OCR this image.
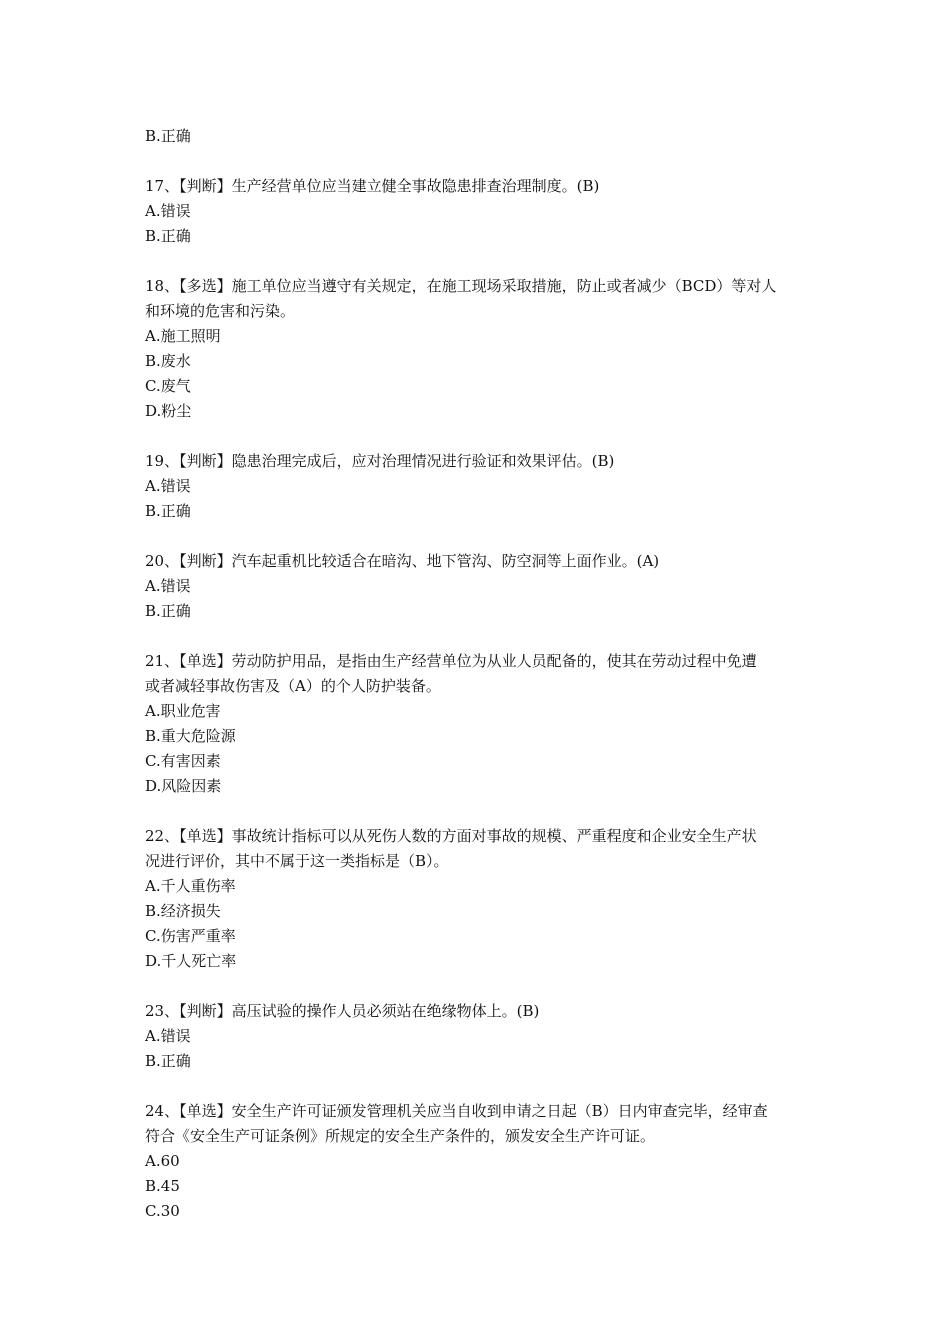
B.正确
17、【判断】生产经营单位应当建立健全事故隐患排查治理制度。(B)
A.错误
B.正确
18、【多选】施工单位应当遵守有关规定，在施工现场采取措施，防止或者减少（BCD）等对人
和环境的危害和污染。
A.施工照明
B.废水
C.废气
D.粉尘
19、【判断】隐患治理完成后，应对治理情况进行验证和效果评估。(B)
A.错误
B.正确
20、【判断】汽车起重机比较适合在暗沟、地下管沟、防空洞等上面作业。(A)
A.错误
B.正确
21、【单选】劳动防护用品，是指由生产经营单位为从业人员配备的，使其在劳动过程中免遭
或者减轻事故伤害及（A）的个人防护装备。
A.职业危害
B.重大危险源
C.有害因素
D.风险因素
22、【单选】事故统计指标可以从死伤人数的方面对事故的规模、严重程度和企业安全生产状
况进行评价，其中不属于这一类指标是（B）。
A.千人重伤率
B.经济损失
C.伤害严重率
D.千人死亡率
23、【判断】高压试验的操作人员必须站在绝缘物体上。(B)
A.错误
B.正确
24、【单选】安全生产许可证颁发管理机关应当自收到申请之日起（B）日内审查完毕，经审查
符合《安全生产可证条例》所规定的安全生产条件的，颁发安全生产许可证。
A.60
B.45
C.30
